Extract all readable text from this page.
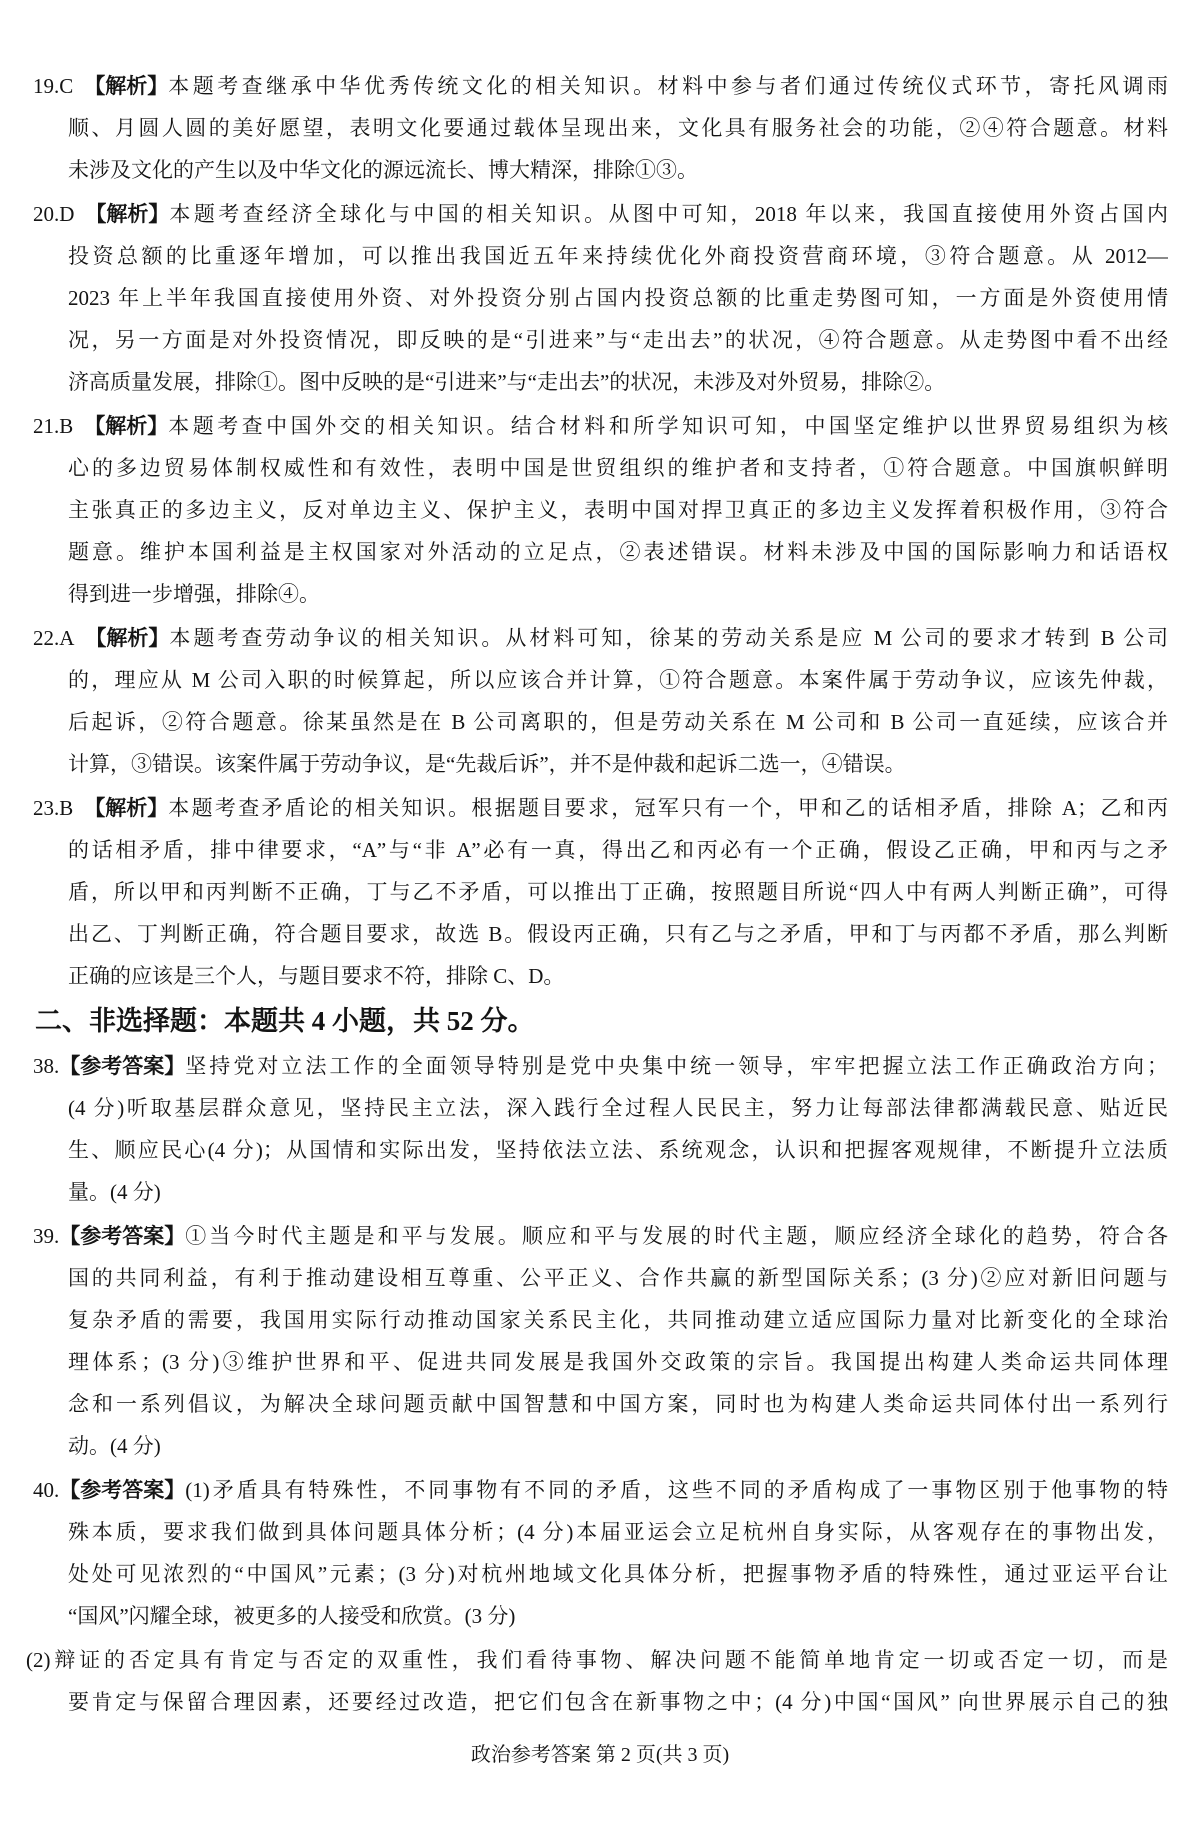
19. C 【解析】 本题考查继承中华优秀传统文化的相关知识。材料中参与者们通过传统仪式环节，寄托风调雨
顺、月圆人圆的美好愿望，表明文化要通过载体呈现出来，文化具有服务社会的功能，②④符合题意。材料
未涉及文化的产生以及中华文化的源远流长、博大精深，排除①③。
20. D 【解析】 本题考查经济全球化与中国的相关知识。从图中可知，2018 年以来，我国直接使用外资占国内
投资总额的比重逐年增加，可以推出我国近五年来持续优化外商投资营商环境，③符合题意。从 2012—
2023 年上半年我国直接使用外资、对外投资分别占国内投资总额的比重走势图可知，一方面是外资使用情
况，另一方面是对外投资情况，即反映的是“引进来”与“走出去”的状况，④符合题意。从走势图中看不出经
济高质量发展，排除①。图中反映的是“引进来”与“走出去”的状况，未涉及对外贸易，排除②。
21. B 【解析】 本题考查中国外交的相关知识。结合材料和所学知识可知，中国坚定维护以世界贸易组织为核
心的多边贸易体制权威性和有效性，表明中国是世贸组织的维护者和支持者，①符合题意。中国旗帜鲜明
主张真正的多边主义，反对单边主义、保护主义，表明中国对捍卫真正的多边主义发挥着积极作用，③符合
题意。维护本国利益是主权国家对外活动的立足点，②表述错误。材料未涉及中国的国际影响力和话语权
得到进一步增强，排除④。
22. A 【解析】 本题考查劳动争议的相关知识。从材料可知，徐某的劳动关系是应 M 公司的要求才转到 B 公司
的，理应从 M 公司入职的时候算起，所以应该合并计算，①符合题意。本案件属于劳动争议，应该先仲裁，
后起诉，②符合题意。徐某虽然是在 B 公司离职的，但是劳动关系在 M 公司和 B 公司一直延续，应该合并
计算，③错误。该案件属于劳动争议，是“先裁后诉”，并不是仲裁和起诉二选一，④错误。
23. B 【解析】 本题考查矛盾论的相关知识。根据题目要求，冠军只有一个，甲和乙的话相矛盾，排除 A；乙和丙
的话相矛盾，排中律要求，“A”与“非 A”必有一真，得出乙和丙必有一个正确，假设乙正确，甲和丙与之矛
盾，所以甲和丙判断不正确，丁与乙不矛盾，可以推出丁正确，按照题目所说“四人中有两人判断正确”，可得
出乙、丁判断正确，符合题目要求，故选 B。假设丙正确，只有乙与之矛盾，甲和丁与丙都不矛盾，那么判断
正确的应该是三个人，与题目要求不符，排除 C、D。
二、非选择题：本题共 4 小题，共 52 分。
38. 【参考答案】 坚持党对立法工作的全面领导特别是党中央集中统一领导，牢牢把握立法工作正确政治方向；
(4 分)听取基层群众意见，坚持民主立法，深入践行全过程人民民主，努力让每部法律都满载民意、贴近民
生、顺应民心(4 分)；从国情和实际出发，坚持依法立法、系统观念，认识和把握客观规律，不断提升立法质
量。(4 分)
39. 【参考答案】 ①当今时代主题是和平与发展。顺应和平与发展的时代主题，顺应经济全球化的趋势，符合各
国的共同利益，有利于推动建设相互尊重、公平正义、合作共赢的新型国际关系；(3 分)②应对新旧问题与
复杂矛盾的需要，我国用实际行动推动国家关系民主化，共同推动建立适应国际力量对比新变化的全球治
理体系；(3 分)③维护世界和平、促进共同发展是我国外交政策的宗旨。我国提出构建人类命运共同体理
念和一系列倡议，为解决全球问题贡献中国智慧和中国方案，同时也为构建人类命运共同体付出一系列行
动。(4 分)
40. 【参考答案】 (1)矛盾具有特殊性，不同事物有不同的矛盾，这些不同的矛盾构成了一事物区别于他事物的特
殊本质，要求我们做到具体问题具体分析；(4 分)本届亚运会立足杭州自身实际，从客观存在的事物出发，
处处可见浓烈的“中国风”元素；(3 分)对杭州地域文化具体分析，把握事物矛盾的特殊性，通过亚运平台让
“国风”闪耀全球，被更多的人接受和欣赏。(3 分)
(2)辩证的否定具有肯定与否定的双重性，我们看待事物、解决问题不能简单地肯定一切或否定一切，而是
要肯定与保留合理因素，还要经过改造，把它们包含在新事物之中；(4 分)中国“国风” 向世界展示自己的独
政治参考答案 第 2 页(共 3 页)
